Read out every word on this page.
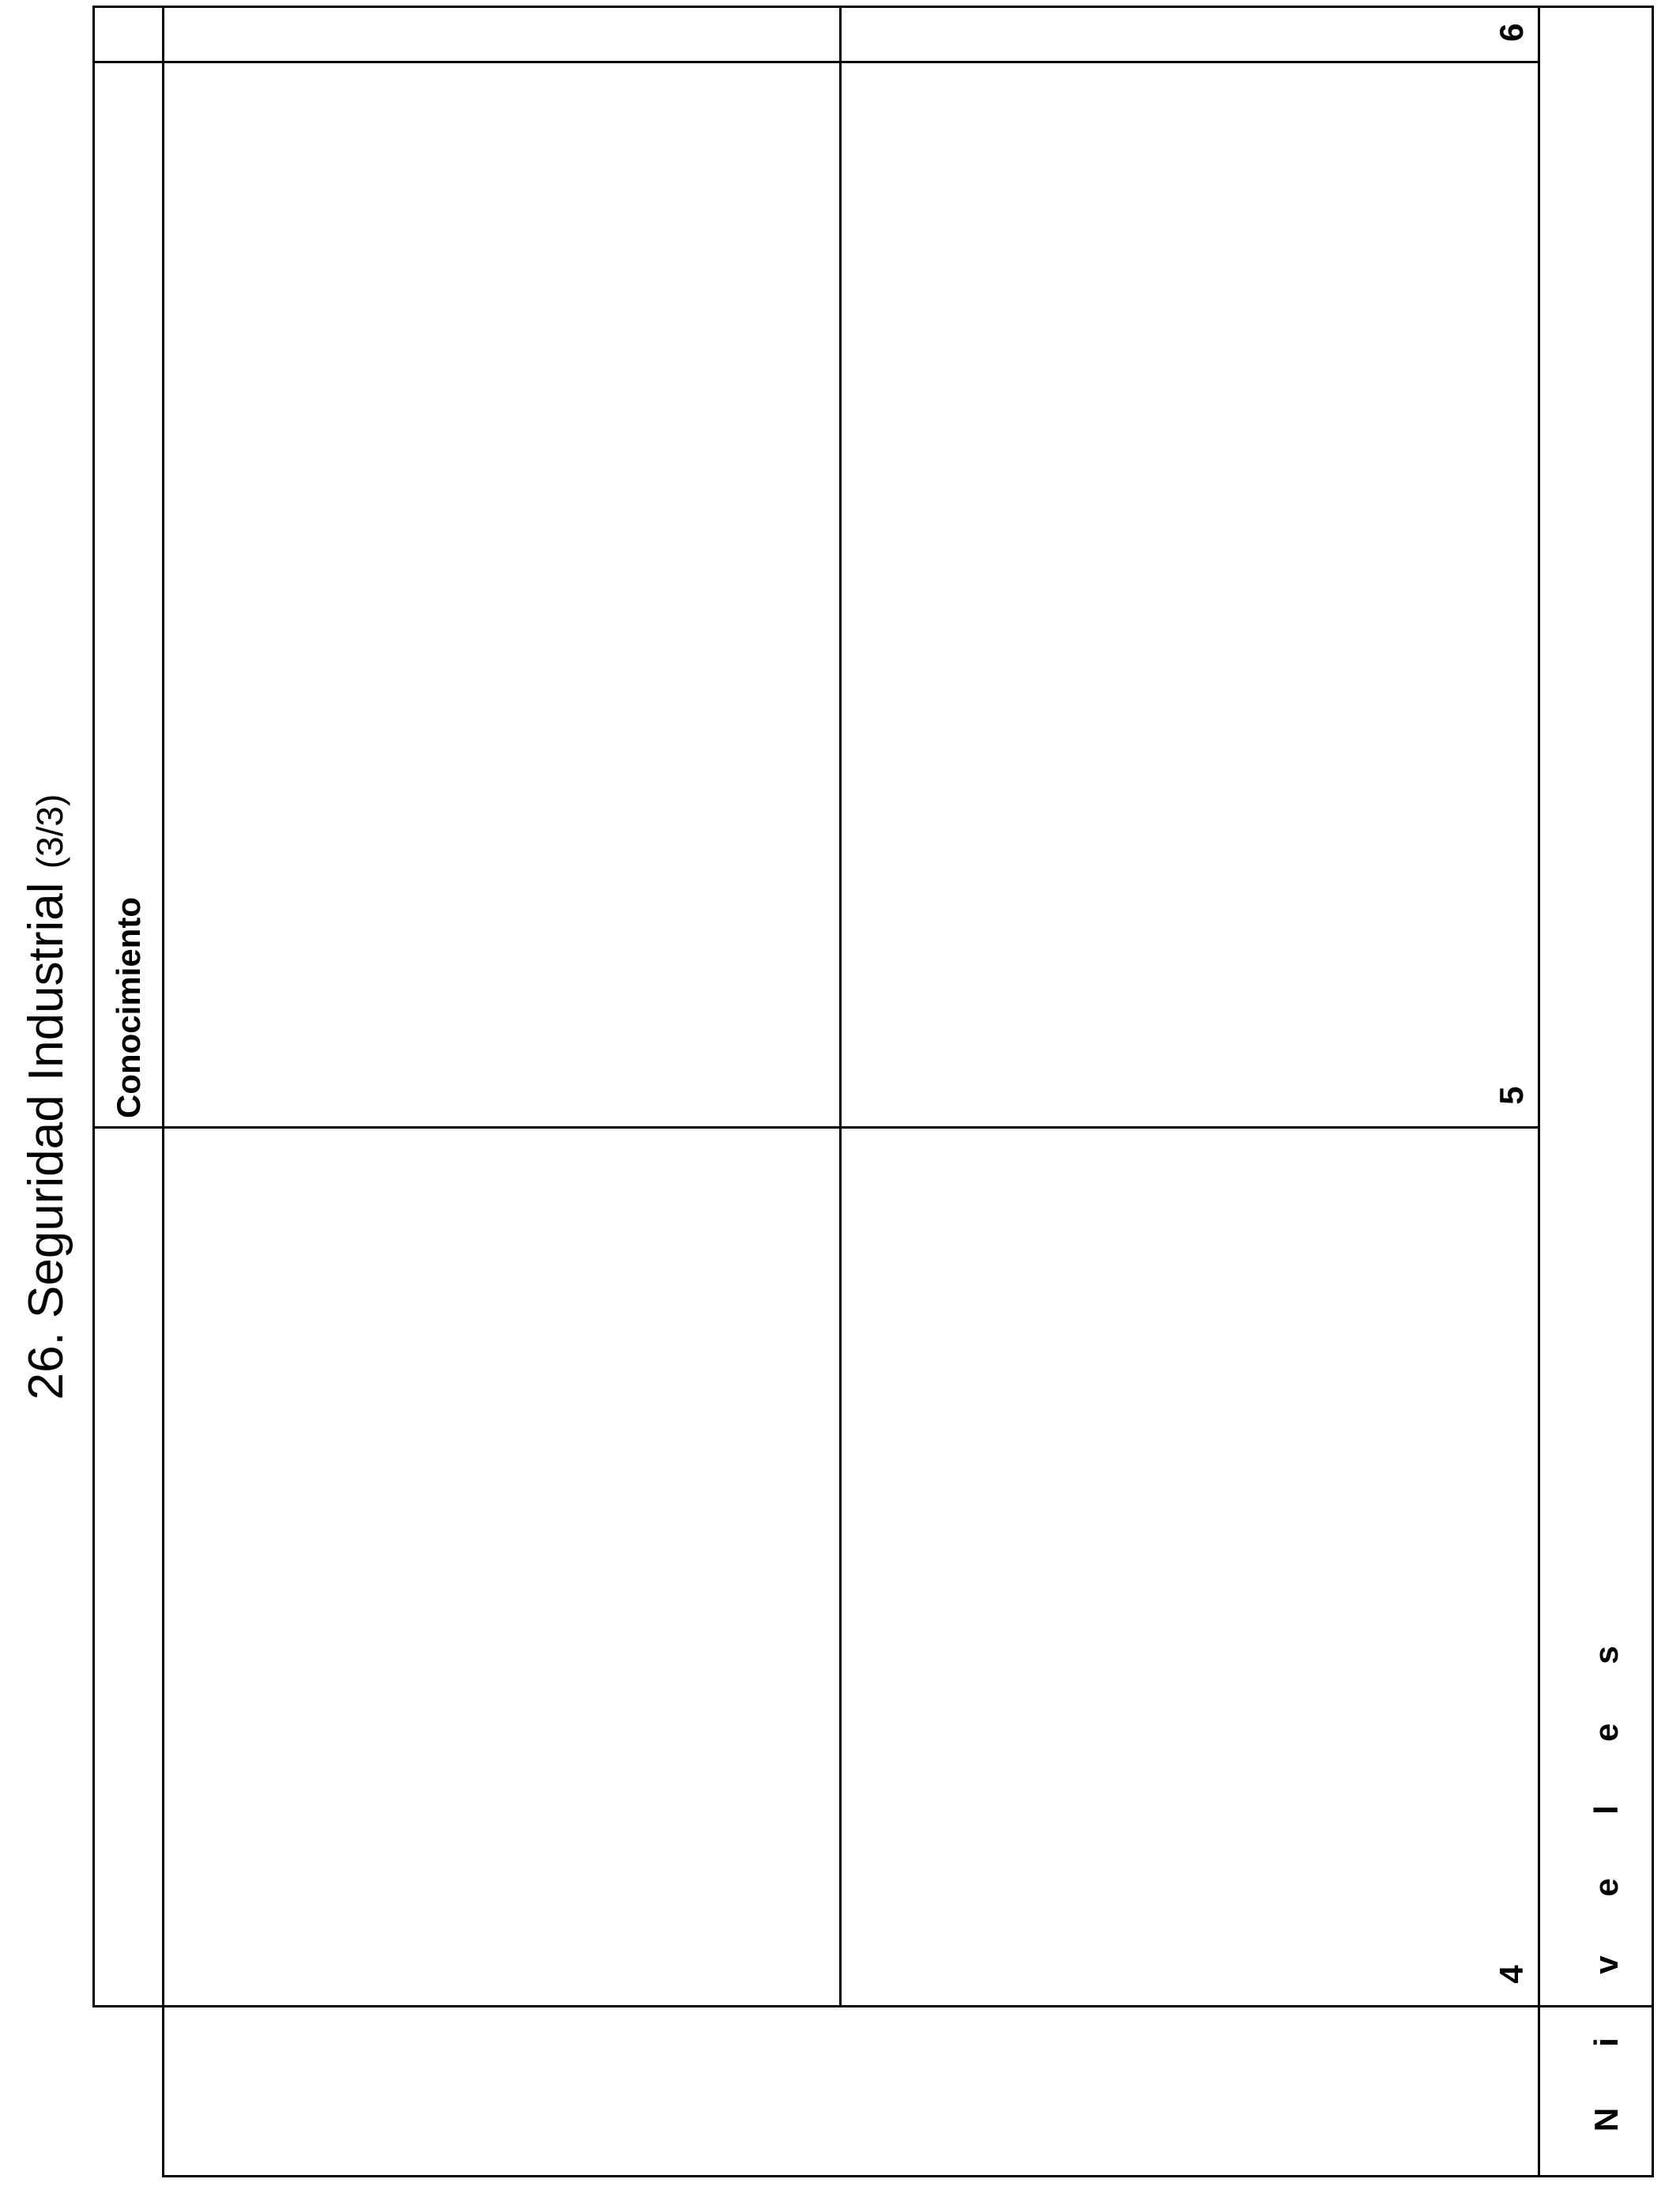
26. Seguridad Industrial (3/3)
Conocimiento
Niveles
4
5
6
